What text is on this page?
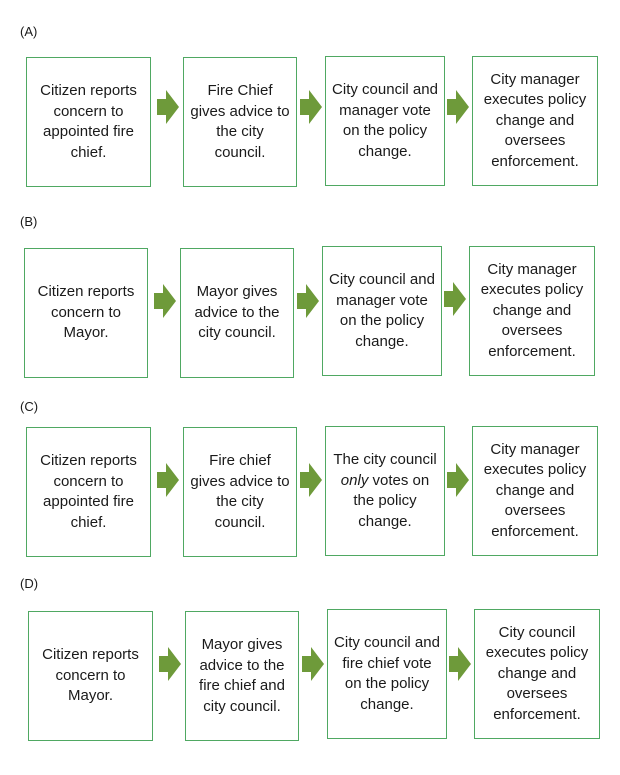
(A)
Citizen reports concern to appointed fire chief.
Fire Chief gives advice to the city council.
City council and manager vote on the policy change.
City manager executes policy change and oversees enforcement.
(B)
Citizen reports concern to Mayor.
Mayor gives advice to the city council.
City council and manager vote on the policy change.
City manager executes policy change and oversees enforcement.
(C)
Citizen reports concern to appointed fire chief.
Fire chief gives advice to the city council.
The city council only votes on the policy change.
City manager executes policy change and oversees enforcement.
(D)
Citizen reports concern to Mayor.
Mayor gives advice to the fire chief and city council.
City council and fire chief vote on the policy change.
City council executes policy change and oversees enforcement.
